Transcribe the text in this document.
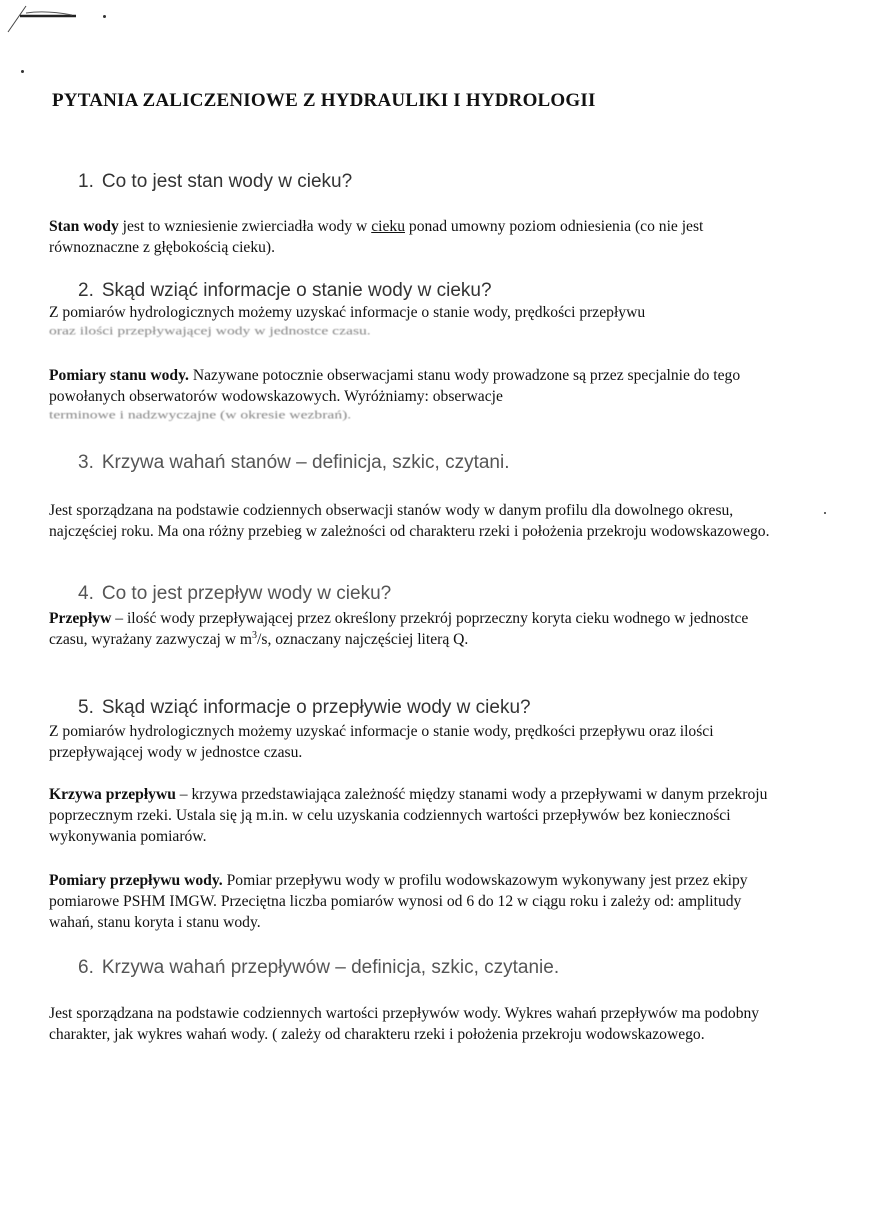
PYTANIA ZALICZENIOWE Z HYDRAULIKI I HYDROLOGII
1. Co to jest stan wody w cieku?
Stan wody jest to wzniesienie zwierciadła wody w cieku ponad umowny poziom odniesienia (co nie jest równoznaczne z głębokością cieku).
2. Skąd wziąć informacje o stanie wody w cieku?
Z pomiarów hydrologicznych możemy uzyskać informacje o stanie wody, prędkości przepływu
oraz ilości przepływającej wody w jednostce czasu.
Pomiary stanu wody. Nazywane potocznie obserwacjami stanu wody prowadzone są przez specjalnie do tego powołanych obserwatorów wodowskazowych. Wyróżniamy: obserwacje
terminowe i nadzwyczajne (w okresie wezbrań).
3. Krzywa wahań stanów – definicja, szkic, czytani.
Jest sporządzana na podstawie codziennych obserwacji stanów wody w danym profilu dla dowolnego okresu, najczęściej roku. Ma ona różny przebieg w zależności od charakteru rzeki i położenia przekroju wodowskazowego.
4. Co to jest przepływ wody w cieku?
Przepływ – ilość wody przepływającej przez określony przekrój poprzeczny koryta cieku wodnego w jednostce czasu, wyrażany zazwyczaj w $m^3/s$, oznaczany najczęściej literą Q.
5. Skąd wziąć informacje o przepływie wody w cieku?
Z pomiarów hydrologicznych możemy uzyskać informacje o stanie wody, prędkości przepływu oraz ilości przepływającej wody w jednostce czasu.
Krzywa przepływu – krzywa przedstawiająca zależność między stanami wody a przepływami w danym przekroju poprzecznym rzeki. Ustala się ją m.in. w celu uzyskania codziennych wartości przepływów bez konieczności wykonywania pomiarów.
Pomiary przepływu wody. Pomiar przepływu wody w profilu wodowskazowym wykonywany jest przez ekipy pomiarowe PSHM IMGW. Przeciętna liczba pomiarów wynosi od 6 do 12 w ciągu roku i zależy od: amplitudy wahań, stanu koryta i stanu wody.
6. Krzywa wahań przepływów – definicja, szkic, czytanie.
Jest sporządzana na podstawie codziennych wartości przepływów wody. Wykres wahań przepływów ma podobny charakter, jak wykres wahań wody. ( zależy od charakteru rzeki i położenia przekroju wodowskazowego.
